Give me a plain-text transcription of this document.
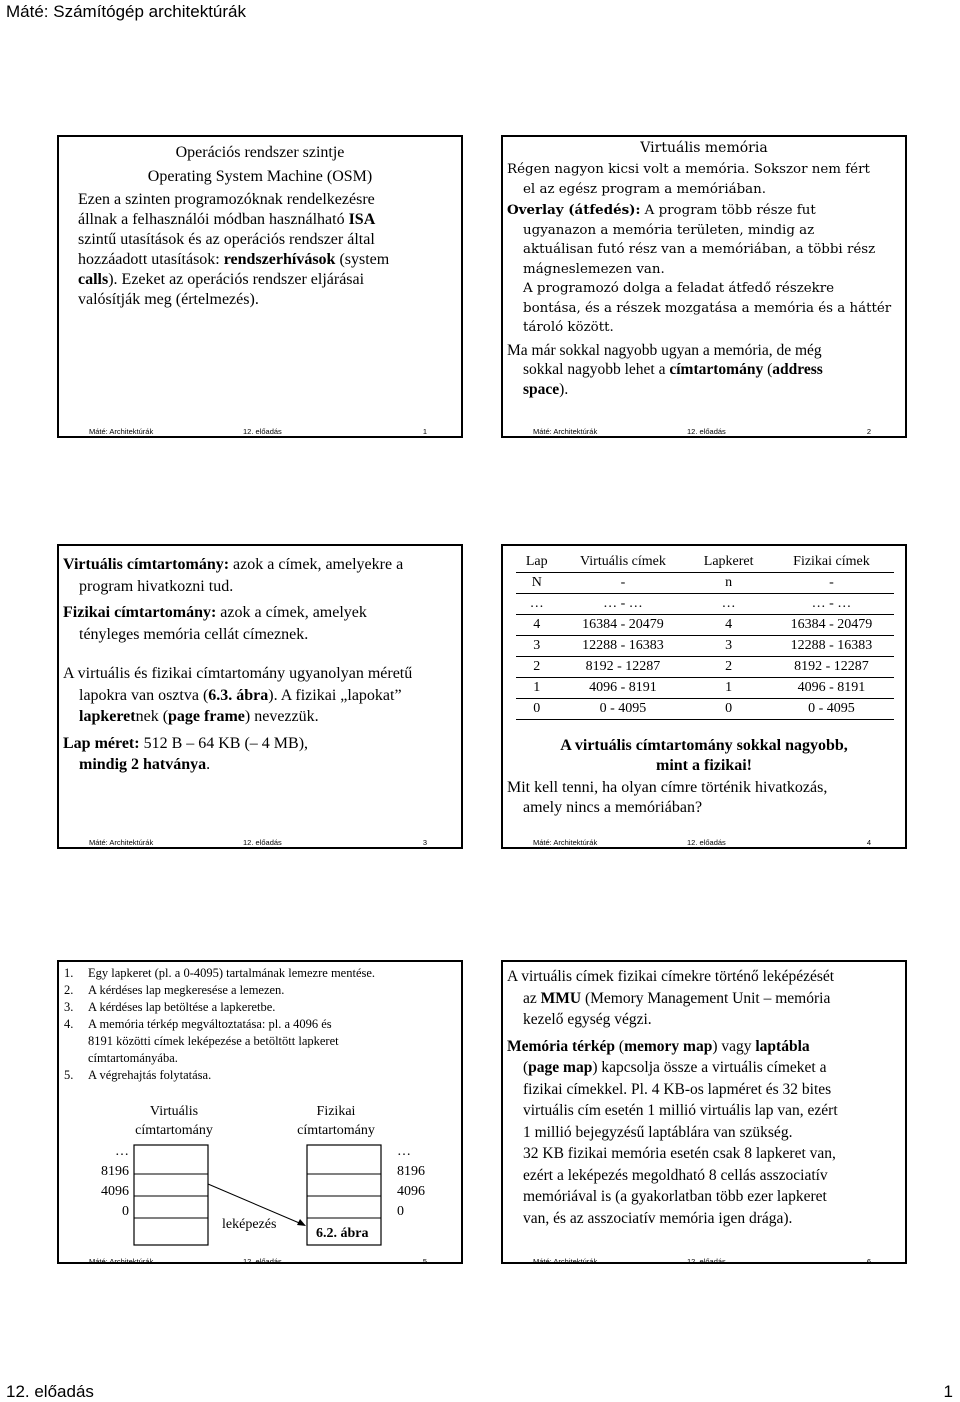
Máté: Számítógép architektúrák
Operációs rendszer szintje
Operating System Machine (OSM)
Ezen a szinten programozóknak rendelkezésre
állnak a felhasználói módban használható ISA
szintű utasítások és az operációs rendszer által
hozzáadott utasítások: rendszerhívások (system
calls). Ezeket az operációs rendszer eljárásai
valósítják meg (értelmezés).
Máté: Architektúrák	12. előadás	1
Virtuális memória
Régen nagyon kicsi volt a memória. Sokszor nem fért
el az egész program a memóriában.
Overlay (átfedés): A program több része fut
ugyanazon a memória területen, mindig az
aktuálisan futó rész van a memóriában, a többi rész
mágneslemezen van.
A programozó dolga a feladat átfedő részekre
bontása, és a részek mozgatása a memória és a háttér
tároló között.
Ma már sokkal nagyobb ugyan a memória, de még
sokkal nagyobb lehet a címtartomány (address
space).
Máté: Architektúrák	12. előadás	2
Virtuális címtartomány: azok a címek, amelyekre a
program hivatkozni tud.
Fizikai címtartomány: azok a címek, amelyek
tényleges memória cellát címeznek.
A virtuális és fizikai címtartomány ugyanolyan méretű
lapokra van osztva (6.3. ábra). A fizikai „lapokat”
lapkeretnek (page frame) nevezzük.
Lap méret: 512 B – 64 KB (– 4 MB),
mindig 2 hatványa.
Máté: Architektúrák	12. előadás	3
Lap	Virtuális címek	Lapkeret	Fizikai címek
N	-	n	-
…	… - …	…	… - …
4	16384 - 20479	4	16384 - 20479
3	12288 - 16383	3	12288 - 16383
2	8192 - 12287	2	8192 - 12287
1	4096 - 8191	1	4096 - 8191
0	0 - 4095	0	0 - 4095
A virtuális címtartomány sokkal nagyobb,
mint a fizikai!
Mit kell tenni, ha olyan címre történik hivatkozás,
amely nincs a memóriában?
Máté: Architektúrák	12. előadás	4
1. Egy lapkeret (pl. a 0-4095) tartalmának lemezre mentése.
2. A kérdéses lap megkeresése a lemezen.
3. A kérdéses lap betöltése a lapkeretbe.
4. A memória térkép megváltoztatása: pl. a 4096 és
8191 közötti címek leképezése a betöltött lapkeret
címtartományába.
5. A végrehajtás folytatása.
Virtuális
címtartomány
Fizikai
címtartomány
…
8196
4096
0
…
8196
4096
0
leképezés
6.2. ábra
Máté: Architektúrák	12. előadás	5
A virtuális címek fizikai címekre történő leképézését
az MMU (Memory Management Unit – memória
kezelő egység végzi.
Memória térkép (memory map) vagy laptábla
(page map) kapcsolja össze a virtuális címeket a
fizikai címekkel. Pl. 4 KB-os lapméret és 32 bites
virtuális cím esetén 1 millió virtuális lap van, ezért
1 millió bejegyzésű laptáblára van szükség.
32 KB fizikai memória esetén csak 8 lapkeret van,
ezért a leképezés megoldható 8 cellás asszociatív
memóriával is (a gyakorlatban több ezer lapkeret
van, és az asszociatív memória igen drága).
Máté: Architektúrák	12. előadás	6
12. előadás	1
